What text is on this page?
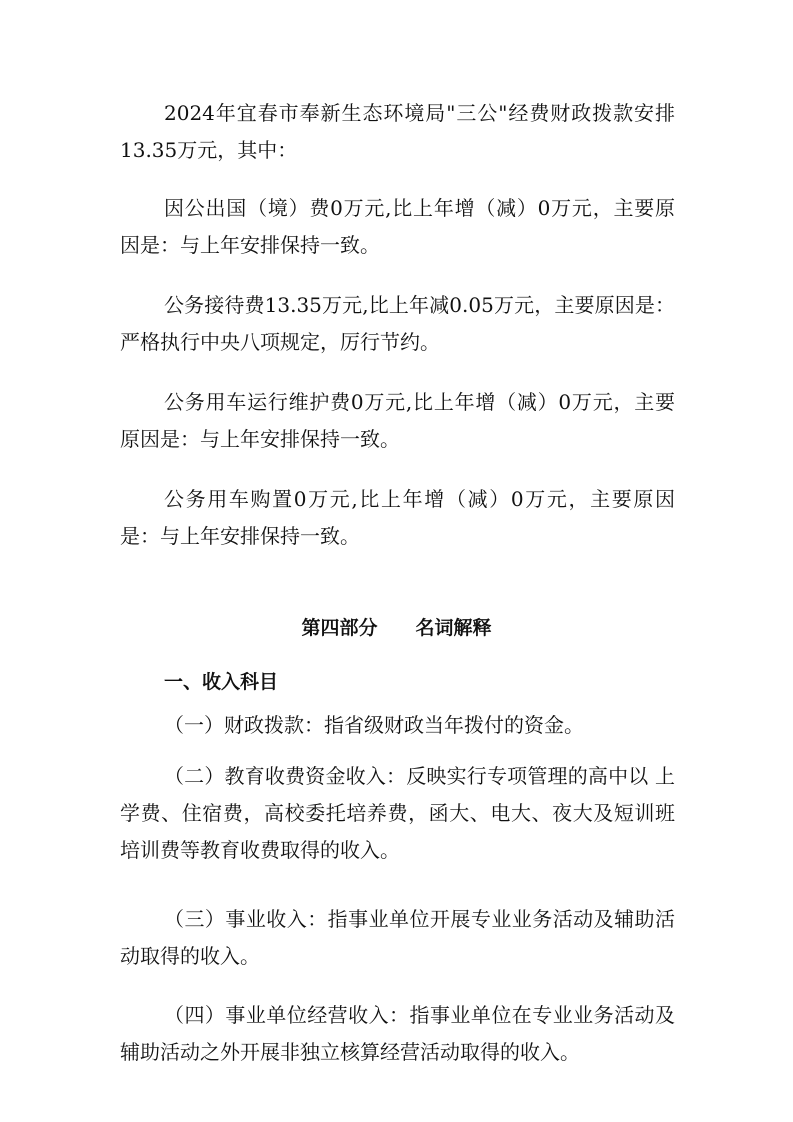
2024年宜春市奉新生态环境局"三公"经费财政拨款安排13.35万元，其中：

因公出国（境）费0万元,比上年增（减）0万元，主要原因是：与上年安排保持一致。

公务接待费13.35万元,比上年减0.05万元，主要原因是：严格执行中央八项规定，厉行节约。

公务用车运行维护费0万元,比上年增（减）0万元，主要原因是：与上年安排保持一致。

公务用车购置0万元,比上年增（减）0万元，主要原因是：与上年安排保持一致。

第四部分　　名词解释
一、收入科目

（一）财政拨款：指省级财政当年拨付的资金。

（二）教育收费资金收入：反映实行专项管理的高中以 上学费、住宿费，高校委托培养费，函大、电大、夜大及短训班培训费等教育收费取得的收入。

（三）事业收入：指事业单位开展专业业务活动及辅助活动取得的收入。

（四）事业单位经营收入：指事业单位在专业业务活动及辅助活动之外开展非独立核算经营活动取得的收入。
